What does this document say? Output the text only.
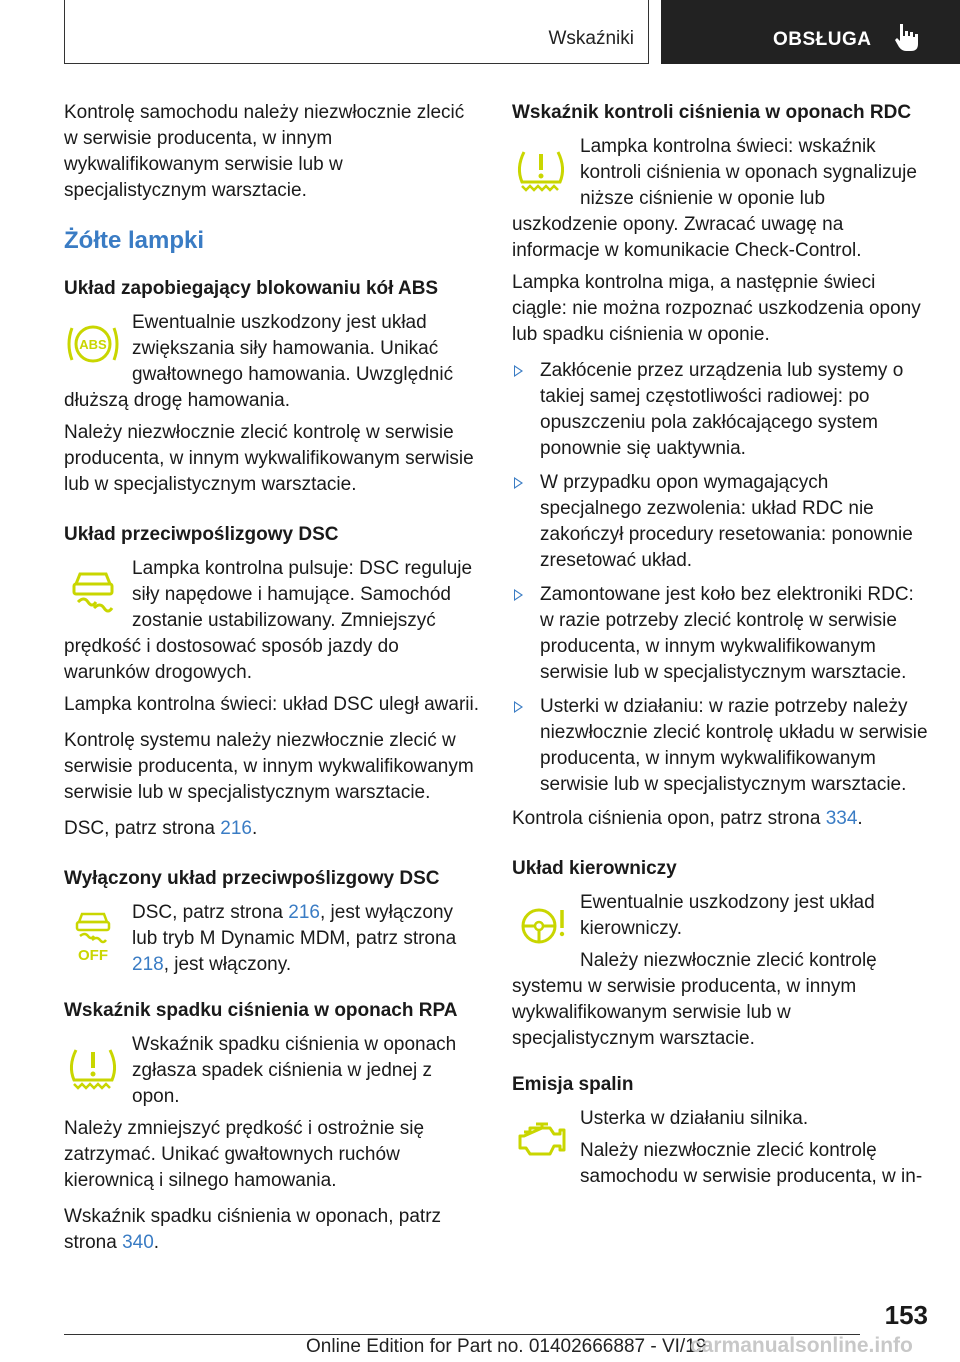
Wskaźniki	OBSŁUGA

Kontrolę samochodu należy niezwłocznie zlecić w serwisie producenta, w innym wykwalifikowanym serwisie lub w specjalistycznym warsztacie.

Żółte lampki
Układ zapobiegający blokowaniu kół ABS
ABS

Ewentualnie uszkodzony jest układ zwiększania siły hamowania. Unikać gwałtownego hamowania. Uwzględnić dłuższą drogę hamowania.

Należy niezwłocznie zlecić kontrolę w serwisie producenta, w innym wykwalifikowanym serwisie lub w specjalistycznym warsztacie.

Układ przeciwpoślizgowy DSC

Lampka kontrolna pulsuje: DSC reguluje siły napędowe i hamujące. Samochód zostanie ustabilizowany. Zmniejszyć prędkość i dostosować sposób jazdy do warunków drogowych.

Lampka kontrolna świeci: układ DSC uległ awarii.

Kontrolę systemu należy niezwłocznie zlecić w serwisie producenta, w innym wykwalifikowanym serwisie lub w specjalistycznym warsztacie.

DSC, patrz strona 216.

Wyłączony układ przeciwpoślizgowy DSC
OFF

DSC, patrz strona 216, jest wyłączony lub tryb M Dynamic MDM, patrz strona 218, jest włączony.

Wskaźnik spadku ciśnienia w oponach RPA

Wskaźnik spadku ciśnienia w oponach zgłasza spadek ciśnienia w jednej z opon.

Należy zmniejszyć prędkość i ostrożnie się zatrzymać. Unikać gwałtownych ruchów kierownicą i silnego hamowania.

Wskaźnik spadku ciśnienia w oponach, patrz strona 340.

Wskaźnik kontroli ciśnienia w oponach RDC

Lampka kontrolna świeci: wskaźnik kontroli ciśnienia w oponach sygnalizuje niższe ciśnienie w oponie lub uszkodzenie opony. Zwracać uwagę na informacje w komunikacie Check-Control.

Lampka kontrolna miga, a następnie świeci ciągle: nie można rozpoznać uszkodzenia opony lub spadku ciśnienia w oponie.

Zakłócenie przez urządzenia lub systemy o takiej samej częstotliwości radiowej: po opuszczeniu pola zakłócającego system ponownie się uaktywnia.
W przypadku opon wymagających specjalnego zezwolenia: układ RDC nie zakończył procedury resetowania: ponownie zresetować układ.
Zamontowane jest koło bez elektroniki RDC: w razie potrzeby zlecić kontrolę w serwisie producenta, w innym wykwalifikowanym serwisie lub w specjalistycznym warsztacie.
Usterki w działaniu: w razie potrzeby należy niezwłocznie zlecić kontrolę układu w serwisie producenta, w innym wykwalifikowanym serwisie lub w specjalistycznym warsztacie.

Kontrola ciśnienia opon, patrz strona 334.

Układ kierowniczy

Ewentualnie uszkodzony jest układ kierowniczy.

Należy niezwłocznie zlecić kontrolę systemu w serwisie producenta, w innym wykwalifikowanym serwisie lub w specjalistycznym warsztacie.

Emisja spalin

Usterka w działaniu silnika.

Należy niezwłocznie zlecić kontrolę samochodu w serwisie producenta, w in-

153
Online Edition for Part no. 01402666887 - VI/19
carmanualsonline.info
